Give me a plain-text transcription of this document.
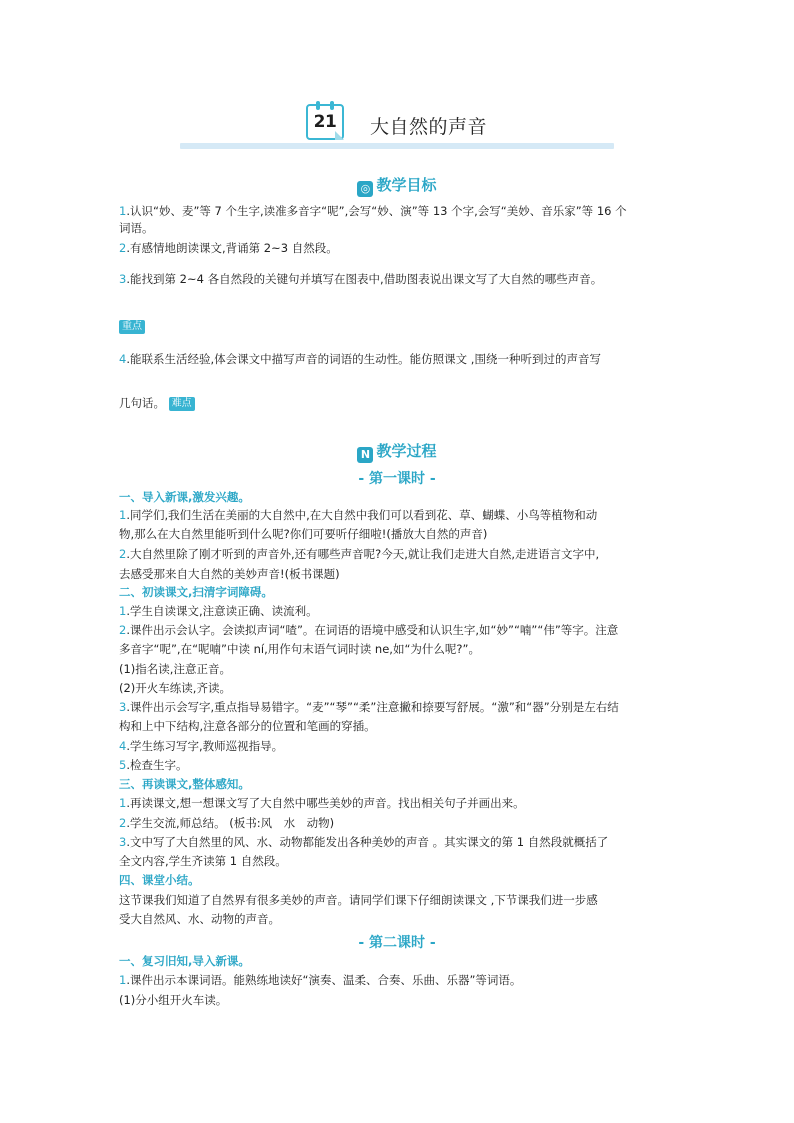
21 大自然的声音
◎ 教学目标
1.认识“妙、麦”等 7 个生字,读准多音字“呢”,会写“妙、演”等 13 个字,会写“美妙、音乐家”等 16 个
词语。
2.有感情地朗读课文,背诵第 2~3 自然段。
3.能找到第 2~4 各自然段的关键句并填写在图表中,借助图表说出课文写了大自然的哪些声音。
重点
4.能联系生活经验,体会课文中描写声音的词语的生动性。能仿照课文 ,围绕一种听到过的声音写
几句话。 难点
N 教学过程
- 第一课时 -
一、导入新课,激发兴趣。
1.同学们,我们生活在美丽的大自然中,在大自然中我们可以看到花、草、蝴蝶、小鸟等植物和动
物,那么在大自然里能听到什么呢?你们可要听仔细啦!(播放大自然的声音)
2.大自然里除了刚才听到的声音外,还有哪些声音呢?今天,就让我们走进大自然,走进语言文字中,
去感受那来自大自然的美妙声音!(板书课题)
二、初读课文,扫清字词障碍。
1.学生自读课文,注意读正确、读流利。
2.课件出示会认字。会读拟声词“喳”。在词语的语境中感受和认识生字,如“妙”“喃”“伟”等字。注意
多音字“呢”,在“呢喃”中读 ní,用作句末语气词时读 ne,如“为什么呢?”。
(1)指名读,注意正音。
(2)开火车练读,齐读。
3.课件出示会写字,重点指导易错字。“麦”“琴”“柔”注意撇和捺要写舒展。“激”和“器”分别是左右结
构和上中下结构,注意各部分的位置和笔画的穿插。
4.学生练习写字,教师巡视指导。
5.检查生字。
三、再读课文,整体感知。
1.再读课文,想一想课文写了大自然中哪些美妙的声音。找出相关句子并画出来。
2.学生交流,师总结。 (板书:风　水　动物)
3.文中写了大自然里的风、水、动物都能发出各种美妙的声音 。其实课文的第 1 自然段就概括了
全文内容,学生齐读第 1 自然段。
四、课堂小结。
这节课我们知道了自然界有很多美妙的声音。请同学们课下仔细朗读课文 ,下节课我们进一步感
受大自然风、水、动物的声音。
- 第二课时 -
一、复习旧知,导入新课。
1.课件出示本课词语。能熟练地读好“演奏、温柔、合奏、乐曲、乐器”等词语。
(1)分小组开火车读。
